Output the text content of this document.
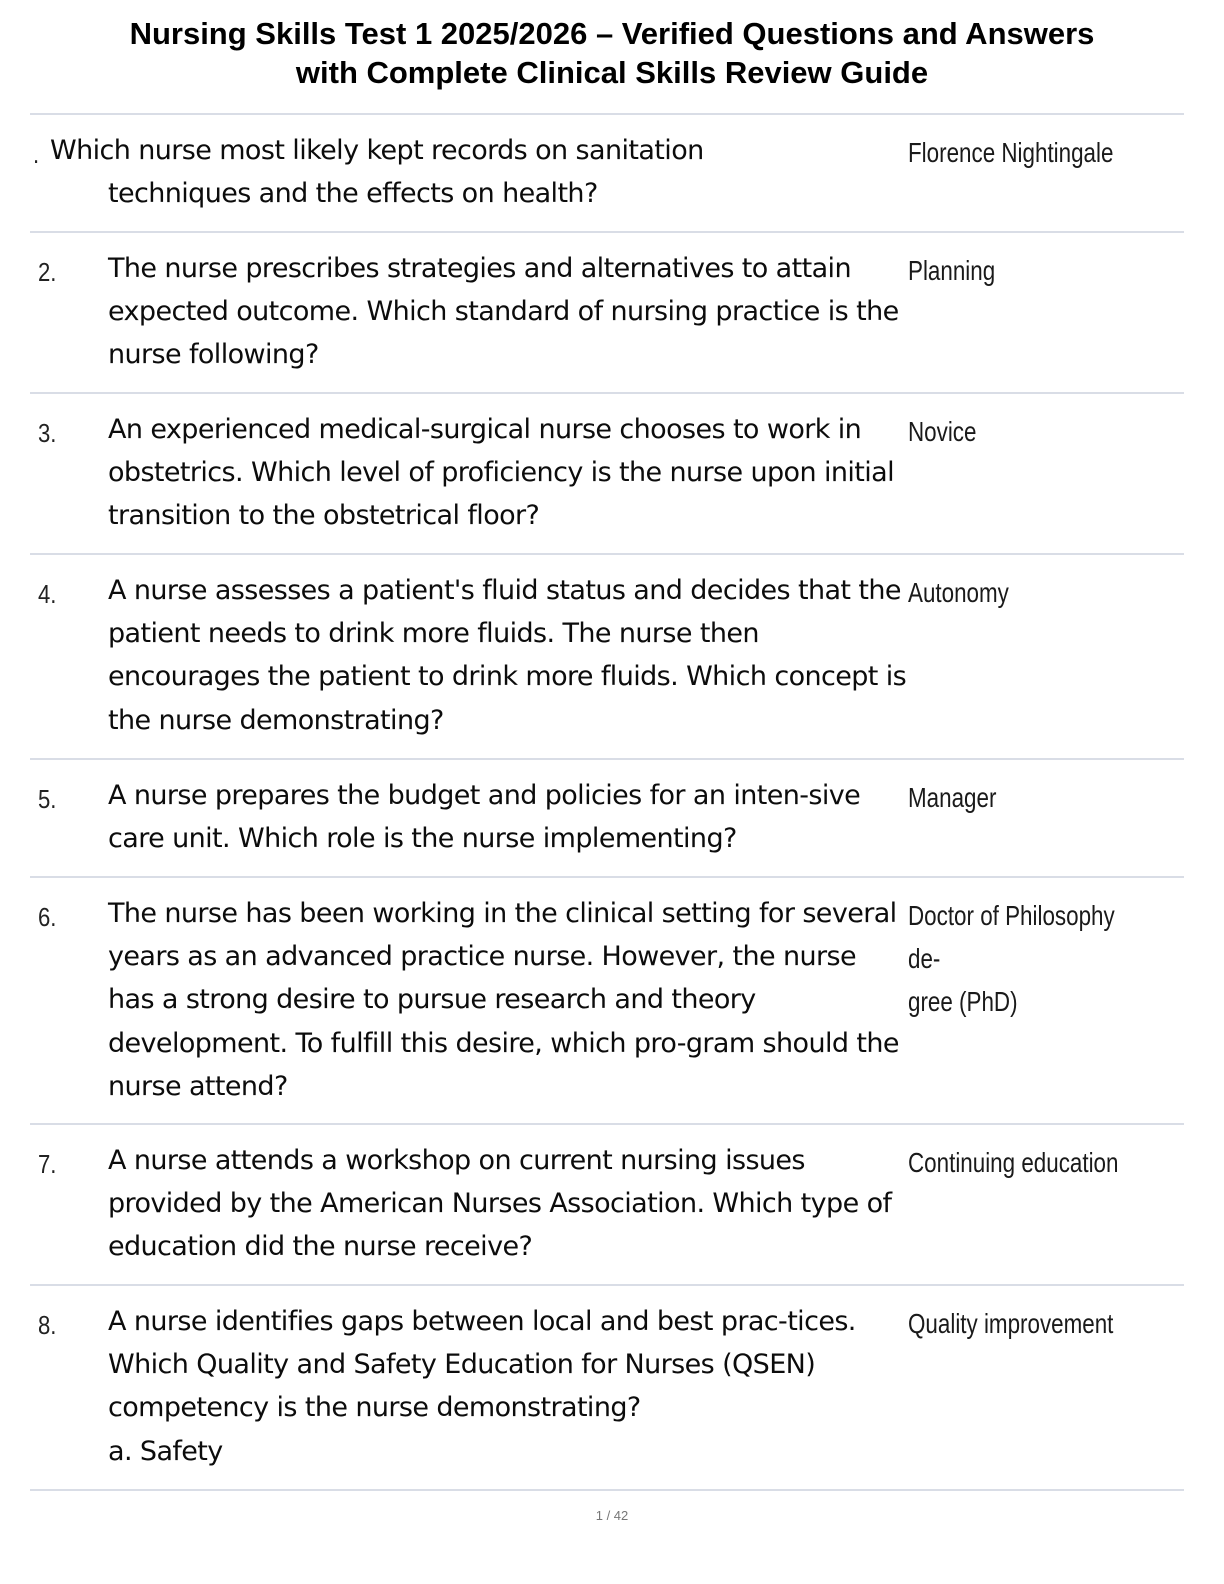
Nursing Skills Test 1 2025/2026 – Verified Questions and Answers
with Complete Clinical Skills Review Guide
. Which nurse most likely kept records on sanitation
techniques and the effects on health?
Florence Nightingale
2. The nurse prescribes strategies and alternatives to attain expected outcome. Which standard of nursing practice is the nurse following?
Planning
3. An experienced medical-surgical nurse chooses to work in obstetrics. Which level of proficiency is the nurse upon initial transition to the obstetrical floor?
Novice
4. A nurse assesses a patient's fluid status and decides that the patient needs to drink more fluids. The nurse then encourages the patient to drink more fluids. Which concept is the nurse demonstrating?
Autonomy
5. A nurse prepares the budget and policies for an inten-sive care unit. Which role is the nurse implementing?
Manager
6. The nurse has been working in the clinical setting for several years as an advanced practice nurse. However, the nurse has a strong desire to pursue research and theory development. To fulfill this desire, which pro-gram should the nurse attend?
Doctor of Philosophy de-
gree (PhD)
7. A nurse attends a workshop on current nursing issues provided by the American Nurses Association. Which type of education did the nurse receive?
Continuing education
8. A nurse identifies gaps between local and best prac-tices. Which Quality and Safety Education for Nurses (QSEN) competency is the nurse demonstrating?
a. Safety
Quality improvement
1 / 42
